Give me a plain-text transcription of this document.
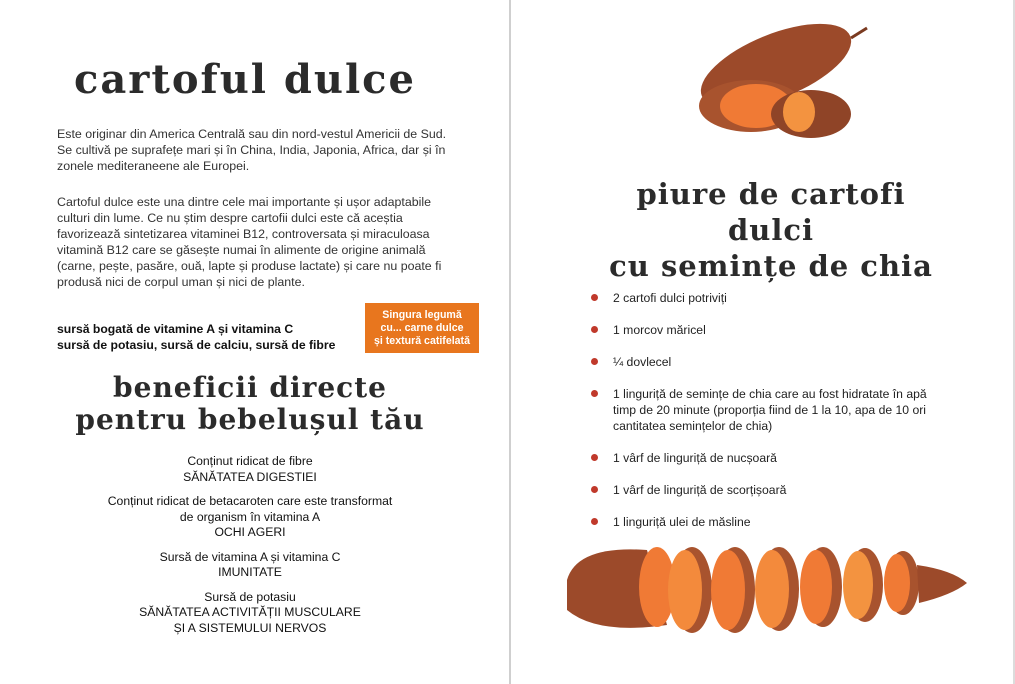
cartoful dulce

Este originar din America Centrală sau din nord-vestul Americii de Sud. Se cultivă pe suprafețe mari și în China, India, Japonia, Africa, dar și în zonele mediteraneene ale Europei.

Cartoful dulce este una dintre cele mai importante și ușor adaptabile culturi din lume. Ce nu știm despre cartofii dulci este că aceștia favorizează sintetizarea vitaminei B12, controversata și miraculoasa vitamină B12 care se găsește numai în alimente de origine animală (carne, pește, pasăre, ouă, lapte și produse lactate) și care nu poate fi produsă nici de corpul uman și nici de plante.

sursă bogată de vitamine A și vitamina C
sursă de potasiu, sursă de calciu, sursă de fibre
Singura legumă
cu... carne dulce
și textură catifelată
beneficii directe
pentru bebelușul tău
Conținut ridicat de fibre
SĂNĂTATEA DIGESTIEI
Conținut ridicat de betacaroten care este transformat
de organism în vitamina A
OCHI AGERI
Sursă de vitamina A și vitamina C
IMUNITATE
Sursă de potasiu
SĂNĂTATEA ACTIVITĂȚII MUSCULARE
ȘI A SISTEMULUI NERVOS
piure de cartofi dulci
cu semințe de chia
2 cartofi dulci potriviți
1 morcov măricel
¼ dovlecel
1 linguriță de semințe de chia care au fost hidratate în apă timp de 20 minute (proporția fiind de 1 la 10, apa de 10 ori cantitatea semințelor de chia)
1 vârf de linguriță de nucșoară
1 vârf de linguriță de scorțișoară
1 linguriță ulei de măsline
